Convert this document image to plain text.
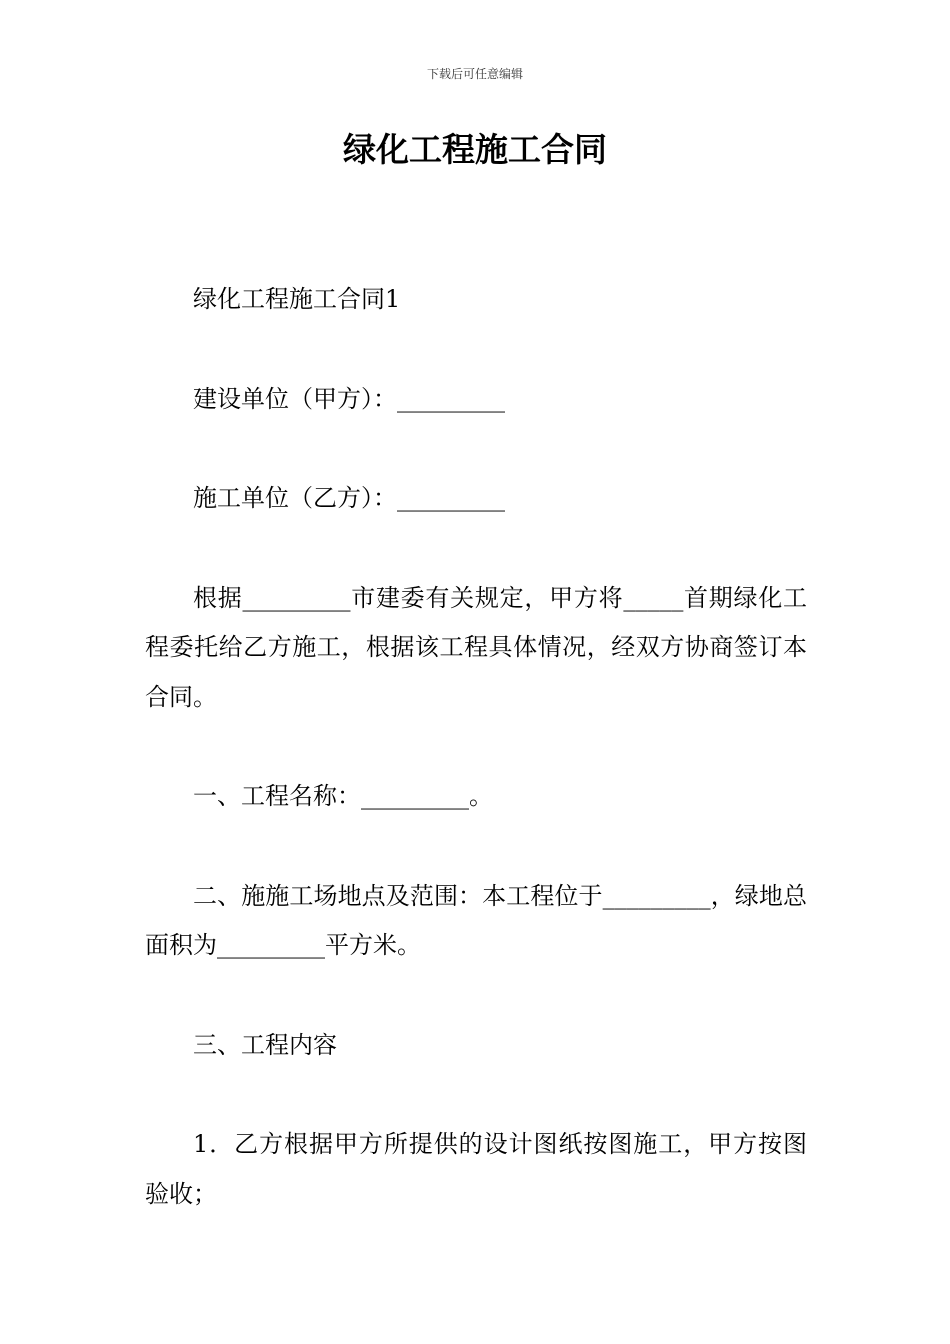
下载后可任意编辑
绿化工程施工合同

绿化工程施工合同1

建设单位（甲方）：_________

施工单位（乙方）：_________

根据_________市建委有关规定，甲方将_____首期绿化工程委托给乙方施工，根据该工程具体情况，经双方协商签订本合同。

一、工程名称：_________。

二、施施工场地点及范围：本工程位于_________，绿地总面积为_________平方米。

三、工程内容

1．乙方根据甲方所提供的设计图纸按图施工，甲方按图验收；
